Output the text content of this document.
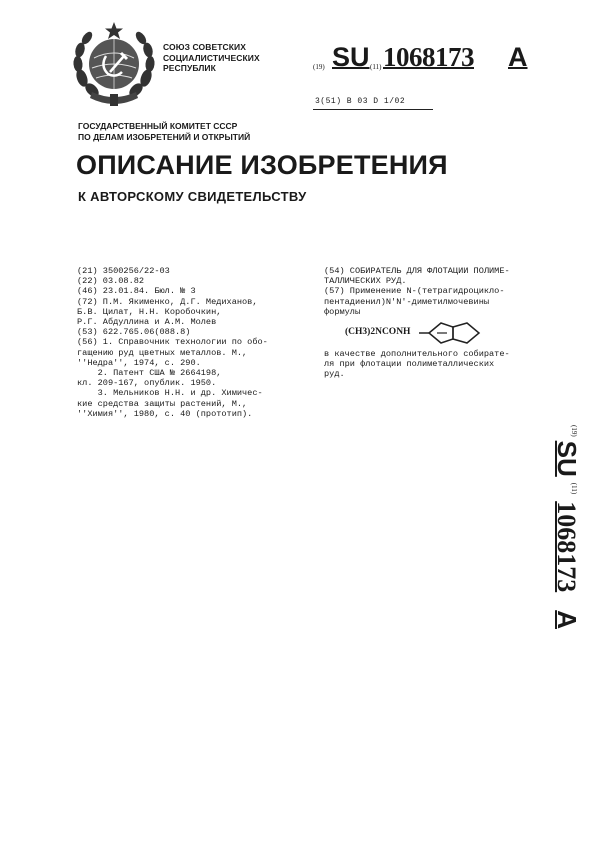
СОЮЗ СОВЕТСКИХ
СОЦИАЛИСТИЧЕСКИХ
РЕСПУБЛИК	(19) SU (11) 1068173 A
3(51) B 03 D 1/02
ГОСУДАРСТВЕННЫЙ КОМИТЕТ СССР
ПО ДЕЛАМ ИЗОБРЕТЕНИЙ И ОТКРЫТИЙ
ОПИСАНИЕ ИЗОБРЕТЕНИЯ
К АВТОРСКОМУ СВИДЕТЕЛЬСТВУ
(21) 3500256/22-03
(22) 03.08.82
(46) 23.01.84. Бюл. № 3
(72) П.М. Якименко, Д.Г. Медиханов,
Б.В. Цилат, Н.Н. Коробочкин,
Р.Г. Абдуллина и А.М. Молев
(53) 622.765.06(088.8)
(56) 1. Справочник технологии по обо-
гащению руд цветных металлов. М.,
''Недра'', 1974, с. 290.
2. Патент США № 2664198,
кл. 209-167, опублик. 1950.
3. Мельников Н.Н. и др. Химичес-
кие средства защиты растений, М.,
''Химия'', 1980, с. 40 (прототип).
(54) СОБИРАТЕЛЬ ДЛЯ ФЛОТАЦИИ ПОЛИМЕ-
ТАЛЛИЧЕСКИХ РУД.
(57) Применение N-(тетрагидроцикло-
пентадиенил)N'N'-диметилмочевины
формулы
(CH3)2NCONH
в качестве дополнительного собирате-
ля при флотации полиметаллических
руд.
$^{(19)}$ SU $^{(11)}$ 1068173 A
